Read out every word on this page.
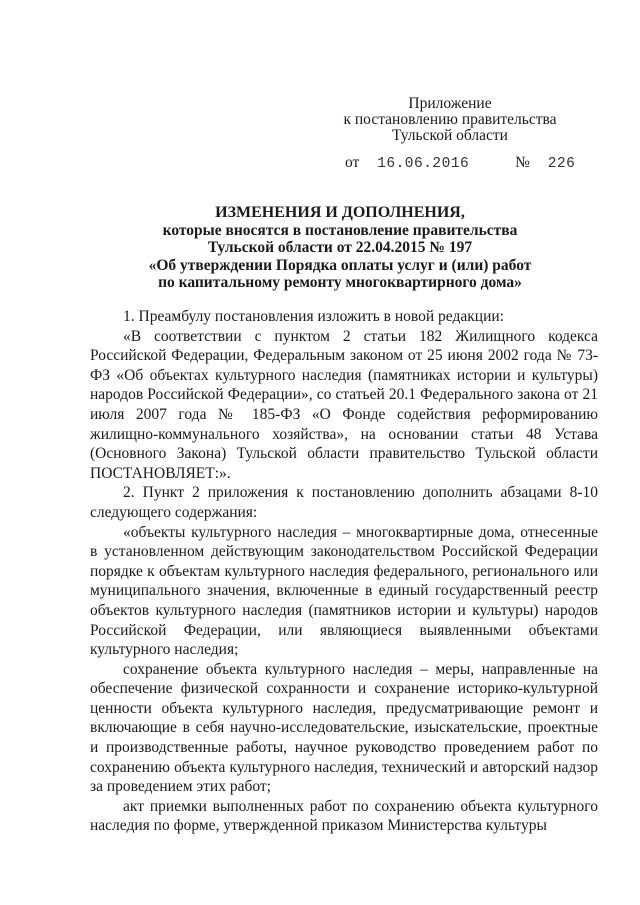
Приложение
к постановлению правительства
Тульской области
от 16.06.2016	№ 226
ИЗМЕНЕНИЯ И ДОПОЛНЕНИЯ,
которые вносятся в постановление правительства
Тульской области от 22.04.2015 № 197
«Об утверждении Порядка оплаты услуг и (или) работ
по капитальному ремонту многоквартирного дома»

1. Преамбулу постановления изложить в новой редакции:

«В соответствии с пунктом 2 статьи 182 Жилищного кодекса Российской Федерации, Федеральным законом от 25 июня 2002 года № 73-ФЗ «Об объектах культурного наследия (памятниках истории и культуры) народов Российской Федерации», со статьей 20.1 Федерального закона от 21 июля 2007 года № 185-ФЗ «О Фонде содействия реформированию жилищно-коммунального хозяйства», на основании статьи 48 Устава (Основного Закона) Тульской области правительство Тульской области ПОСТАНОВЛЯЕТ:».

2. Пункт 2 приложения к постановлению дополнить абзацами 8-10 следующего содержания:

«объекты культурного наследия – многоквартирные дома, отнесенные в установленном действующим законодательством Российской Федерации порядке к объектам культурного наследия федерального, регионального или муниципального значения, включенные в единый государственный реестр объектов культурного наследия (памятников истории и культуры) народов Российской Федерации, или являющиеся выявленными объектами культурного наследия;

сохранение объекта культурного наследия – меры, направленные на обеспечение физической сохранности и сохранение историко-культурной ценности объекта культурного наследия, предусматривающие ремонт и включающие в себя научно-исследовательские, изыскательские, проектные и производственные работы, научное руководство проведением работ по сохранению объекта культурного наследия, технический и авторский надзор за проведением этих работ;

акт приемки выполненных работ по сохранению объекта культурного наследия по форме, утвержденной приказом Министерства культуры
